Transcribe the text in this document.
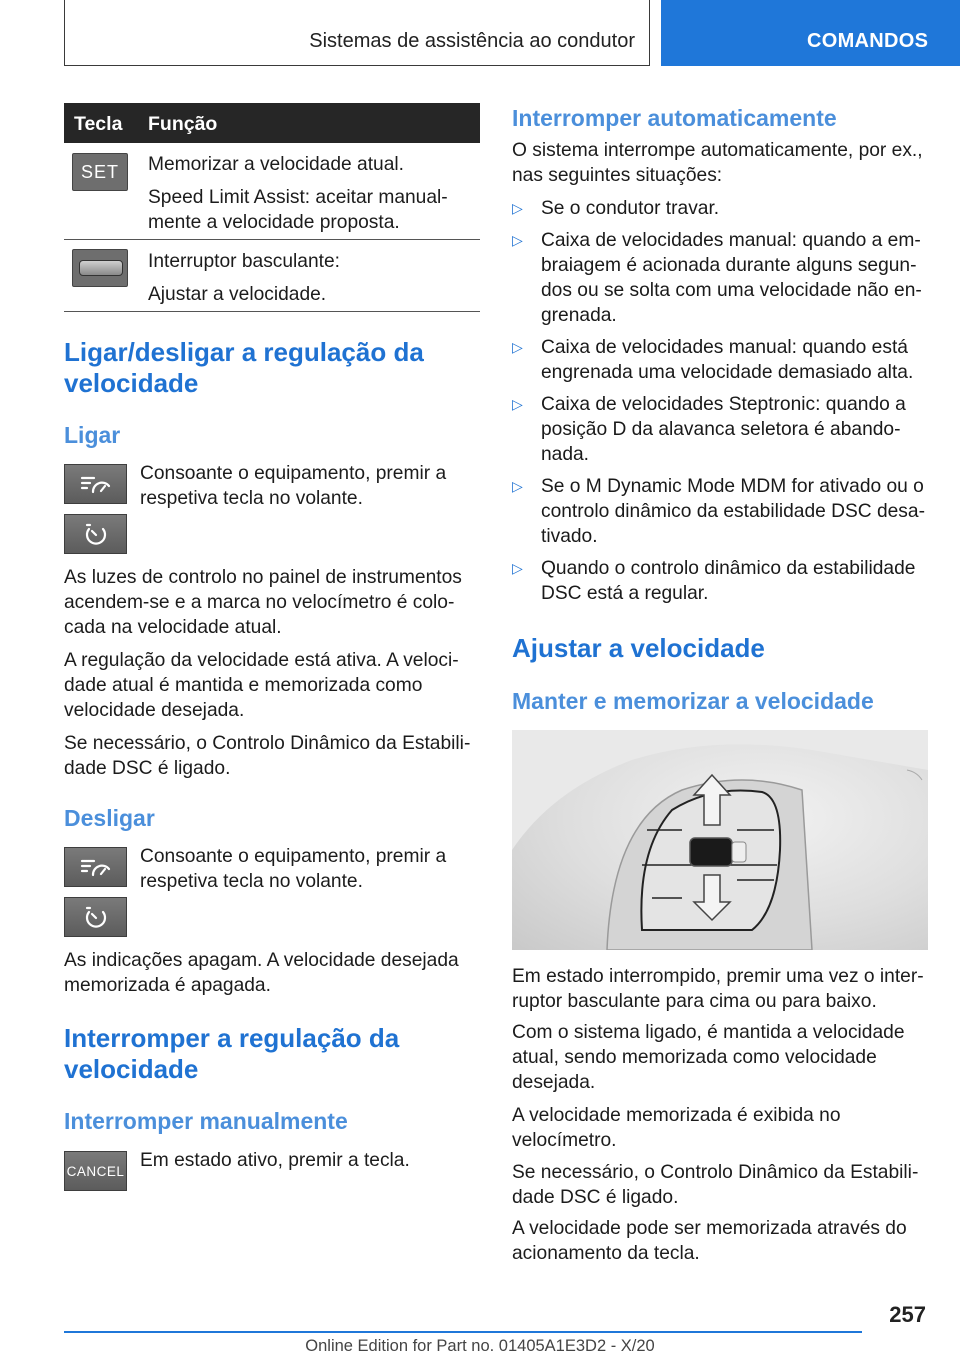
Sistemas de assistência ao condutor	COMANDOS
Tecla Função
SET Memorizar a velocidade atual.

Speed Limit Assist: aceitar manualmente a velocidade proposta.

Interruptor basculante:

Ajustar a velocidade.

Ligar/desligar a regulação da velocidade
Ligar

Consoante o equipamento, premir a respetiva tecla no volante.

As luzes de controlo no painel de instrumentos acendem-se e a marca no velocímetro é colocada na velocidade atual.

A regulação da velocidade está ativa. A velocidade atual é mantida e memorizada como velocidade desejada.

Se necessário, o Controlo Dinâmico da Estabilidade DSC é ligado.

Desligar

Consoante o equipamento, premir a respetiva tecla no volante.

As indicações apagam. A velocidade desejada memorizada é apagada.

Interromper a regulação da velocidade
Interromper manualmente
CANCEL Em estado ativo, premir a tecla.

Interromper automaticamente

O sistema interrompe automaticamente, por ex., nas seguintes situações:

▷ Se o condutor travar.
▷ Caixa de velocidades manual: quando a embraiagem é acionada durante alguns segundos ou se solta com uma velocidade não engrenada.
▷ Caixa de velocidades manual: quando está engrenada uma velocidade demasiado alta.
▷ Caixa de velocidades Steptronic: quando a posição D da alavanca seletora é abandonada.
▷ Se o M Dynamic Mode MDM for ativado ou o controlo dinâmico da estabilidade DSC desativado.
▷ Quando o controlo dinâmico da estabilidade DSC está a regular.
Ajustar a velocidade
Manter e memorizar a velocidade

Em estado interrompido, premir uma vez o interruptor basculante para cima ou para baixo.

Com o sistema ligado, é mantida a velocidade atual, sendo memorizada como velocidade desejada.

A velocidade memorizada é exibida no velocímetro.

Se necessário, o Controlo Dinâmico da Estabilidade DSC é ligado.

A velocidade pode ser memorizada através do acionamento da tecla.

257
Online Edition for Part no. 01405A1E3D2 - X/20
